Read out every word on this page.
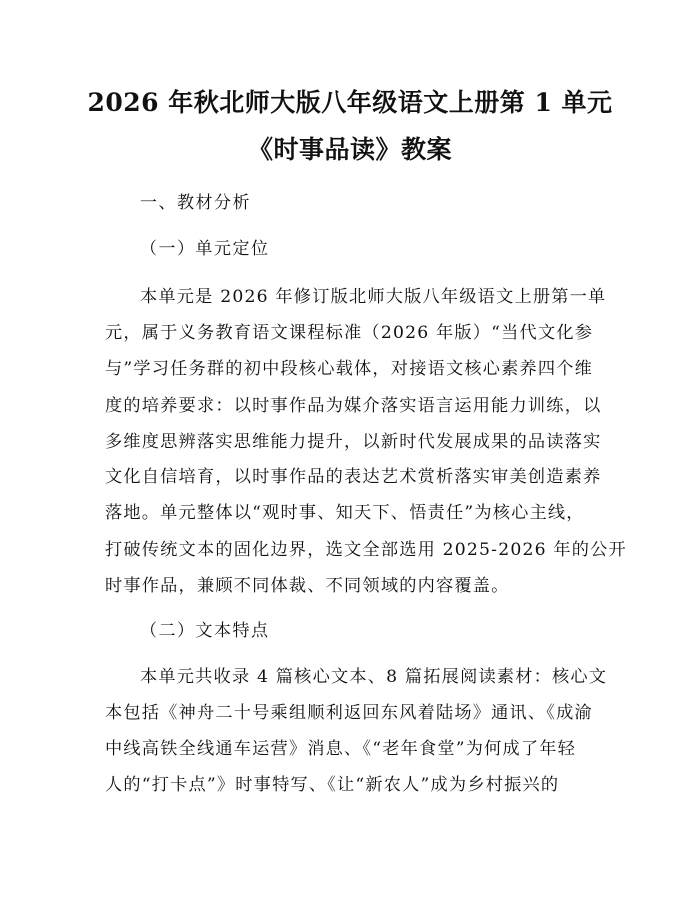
2026 年秋北师大版八年级语文上册第 1 单元
《时事品读》教案
一、教材分析
（一）单元定位
本单元是 2026 年修订版北师大版八年级语文上册第一单
元，属于义务教育语文课程标准（2026 年版）“当代文化参
与”学习任务群的初中段核心载体，对接语文核心素养四个维
度的培养要求：以时事作品为媒介落实语言运用能力训练，以
多维度思辨落实思维能力提升，以新时代发展成果的品读落实
文化自信培育，以时事作品的表达艺术赏析落实审美创造素养
落地。单元整体以“观时事、知天下、悟责任”为核心主线，
打破传统文本的固化边界，选文全部选用 2025-2026 年的公开
时事作品，兼顾不同体裁、不同领域的内容覆盖。
（二）文本特点
本单元共收录 4 篇核心文本、8 篇拓展阅读素材：核心文
本包括《神舟二十号乘组顺利返回东风着陆场》通讯、《成渝
中线高铁全线通车运营》消息、《“老年食堂”为何成了年轻
人的“打卡点”》时事特写、《让“新农人”成为乡村振兴的
